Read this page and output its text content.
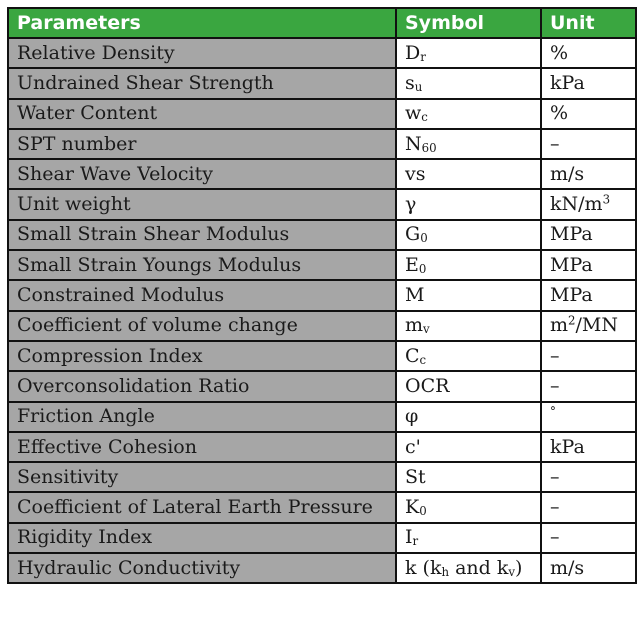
Parameters	Symbol	Unit
Relative Density	$D_r$	%
Undrained Shear Strength	$s_u$	kPa
Water Content	$w_c$	%
SPT number	$N_{60}$	–
Shear Wave Velocity	vs	m/s
Unit weight	γ	$kN/m^3$
Small Strain Shear Modulus	$G_0$	MPa
Small Strain Youngs Modulus	$E_0$	MPa
Constrained Modulus	M	MPa
Coefficient of volume change	$m_v$	$m^2/MN$
Compression Index	$C_c$	–
Overconsolidation Ratio	OCR	–
Friction Angle	φ	°
Effective Cohesion	c'	kPa
Sensitivity	St	–
Coefficient of Lateral Earth Pressure	$K_0$	–
Rigidity Index	$I_r$	–
Hydraulic Conductivity	k ($k_h$ and $k_v$)	m/s
